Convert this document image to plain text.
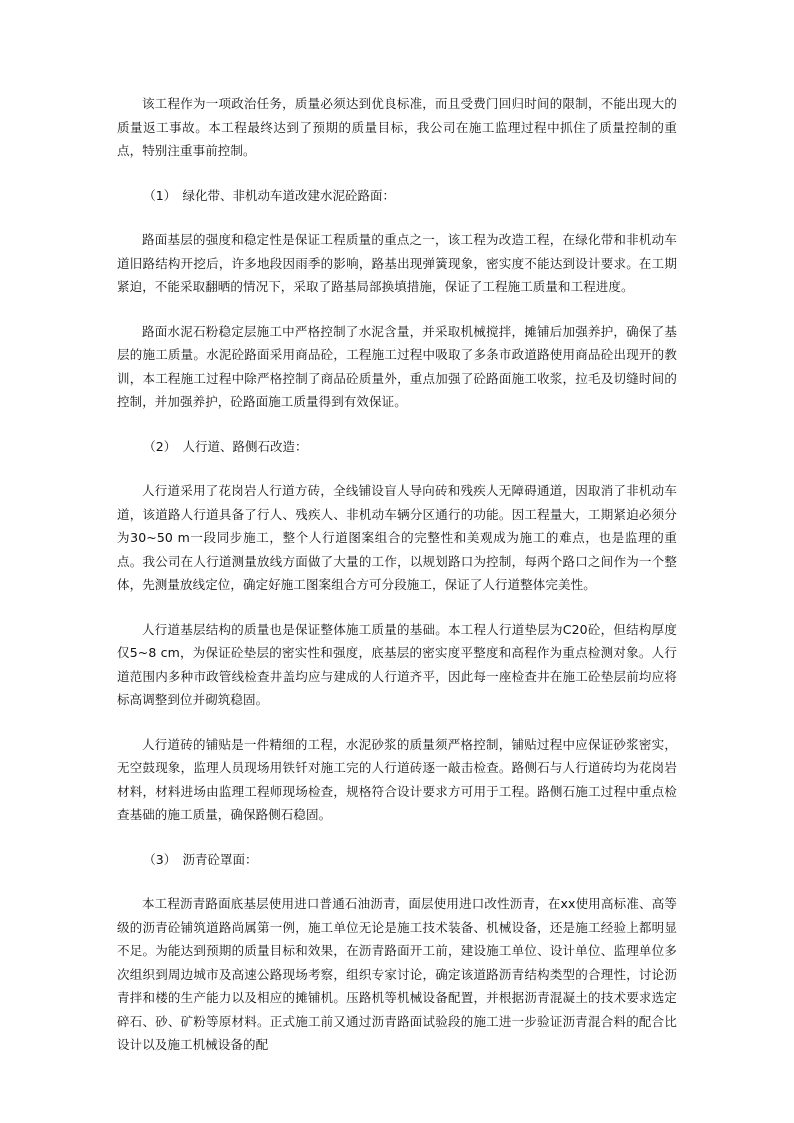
该工程作为一项政治任务，质量必须达到优良标准，而且受费门回归时间的限制，不能出现大的质量返工事故。本工程最终达到了预期的质量目标，我公司在施工监理过程中抓住了质量控制的重点，特别注重事前控制。

（1）　绿化带、非机动车道改建水泥砼路面：

路面基层的强度和稳定性是保证工程质量的重点之一，该工程为改造工程，在绿化带和非机动车道旧路结构开挖后，许多地段因雨季的影响，路基出现弹簧现象，密实度不能达到设计要求。在工期紧迫，不能采取翻晒的情况下，采取了路基局部换填措施，保证了工程施工质量和工程进度。

路面水泥石粉稳定层施工中严格控制了水泥含量，并采取机械搅拌，摊铺后加强养护，确保了基层的施工质量。水泥砼路面采用商品砼，工程施工过程中吸取了多条市政道路使用商品砼出现开的教训，本工程施工过程中除严格控制了商品砼质量外，重点加强了砼路面施工收浆，拉毛及切缝时间的控制，并加强养护，砼路面施工质量得到有效保证。

（2）　人行道、路侧石改造：

人行道采用了花岗岩人行道方砖，全线铺设盲人导向砖和残疾人无障碍通道，因取消了非机动车道，该道路人行道具备了行人、残疾人、非机动车辆分区通行的功能。因工程量大，工期紧迫必须分为30~50 m一段同步施工，整个人行道图案组合的完整性和美观成为施工的难点，也是监理的重点。我公司在人行道测量放线方面做了大量的工作，以规划路口为控制，每两个路口之间作为一个整体，先测量放线定位，确定好施工图案组合方可分段施工，保证了人行道整体完美性。

人行道基层结构的质量也是保证整体施工质量的基础。本工程人行道垫层为C20砼，但结构厚度仅5~8 cm，为保证砼垫层的密实性和强度，底基层的密实度平整度和高程作为重点检测对象。人行道范围内多种市政管线检查井盖均应与建成的人行道齐平，因此每一座检查井在施工砼垫层前均应将标高调整到位并砌筑稳固。

人行道砖的铺贴是一件精细的工程，水泥砂浆的质量须严格控制，铺贴过程中应保证砂浆密实，无空鼓现象，监理人员现场用铁钎对施工完的人行道砖逐一敲击检查。路侧石与人行道砖均为花岗岩材料，材料进场由监理工程师现场检查，规格符合设计要求方可用于工程。路侧石施工过程中重点检查基础的施工质量，确保路侧石稳固。

（3）　沥青砼罩面：

本工程沥青路面底基层使用进口普通石油沥青，面层使用进口改性沥青，在xx使用高标准、高等级的沥青砼铺筑道路尚属第一例，施工单位无论是施工技术装备、机械设备，还是施工经验上都明显不足。为能达到预期的质量目标和效果，在沥青路面开工前，建设施工单位、设计单位、监理单位多次组织到周边城市及高速公路现场考察，组织专家讨论，确定该道路沥青结构类型的合理性，讨论沥青拌和楼的生产能力以及相应的摊铺机。压路机等机械设备配置，并根据沥青混凝土的技术要求选定碎石、砂、矿粉等原材料。正式施工前又通过沥青路面试验段的施工进一步验证沥青混合料的配合比设计以及施工机械设备的配
